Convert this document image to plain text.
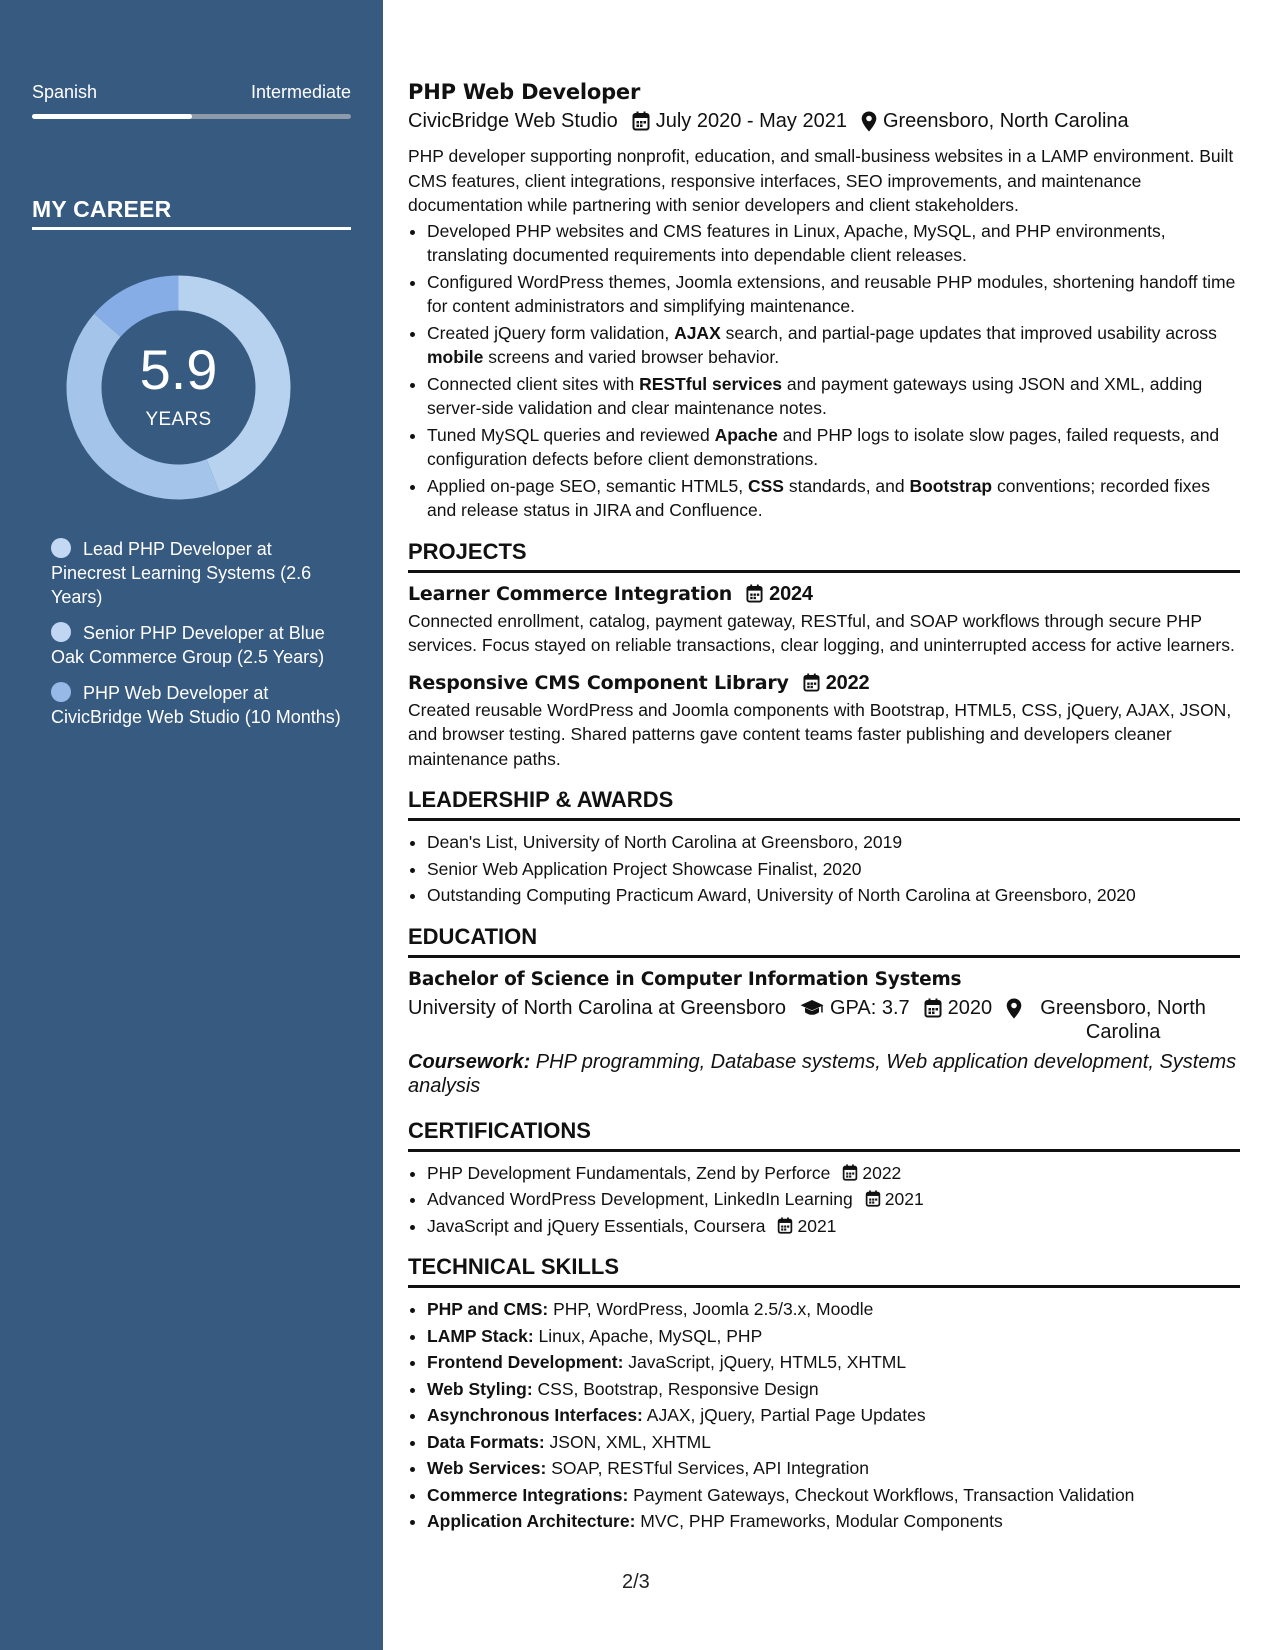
Spanish	Intermediate
MY CAREER
5.9
YEARS
Lead PHP Developer at Pinecrest Learning Systems (2.6 Years)
Senior PHP Developer at Blue Oak Commerce Group (2.5 Years)
PHP Web Developer at CivicBridge Web Studio (10 Months)
PHP Web Developer
CivicBridge Web Studio July 2020 - May 2021 Greensboro, North Carolina
PHP developer supporting nonprofit, education, and small-business websites in a LAMP environment. Built CMS features, client integrations, responsive interfaces, SEO improvements, and maintenance documentation while partnering with senior developers and client stakeholders.
• Developed PHP websites and CMS features in Linux, Apache, MySQL, and PHP environments, translating documented requirements into dependable client releases.
• Configured WordPress themes, Joomla extensions, and reusable PHP modules, shortening handoff time for content administrators and simplifying maintenance.
• Created jQuery form validation, AJAX search, and partial-page updates that improved usability across mobile screens and varied browser behavior.
• Connected client sites with RESTful services and payment gateways using JSON and XML, adding server-side validation and clear maintenance notes.
• Tuned MySQL queries and reviewed Apache and PHP logs to isolate slow pages, failed requests, and configuration defects before client demonstrations.
• Applied on-page SEO, semantic HTML5, CSS standards, and Bootstrap conventions; recorded fixes and release status in JIRA and Confluence.
PROJECTS
Learner Commerce Integration 2024
Connected enrollment, catalog, payment gateway, RESTful, and SOAP workflows through secure PHP services. Focus stayed on reliable transactions, clear logging, and uninterrupted access for active learners.
Responsive CMS Component Library 2022
Created reusable WordPress and Joomla components with Bootstrap, HTML5, CSS, jQuery, AJAX, JSON, and browser testing. Shared patterns gave content teams faster publishing and developers cleaner maintenance paths.
LEADERSHIP & AWARDS
• Dean's List, University of North Carolina at Greensboro, 2019
• Senior Web Application Project Showcase Finalist, 2020
• Outstanding Computing Practicum Award, University of North Carolina at Greensboro, 2020
EDUCATION
Bachelor of Science in Computer Information Systems
University of North Carolina at Greensboro GPA: 3.7 2020	Greensboro, North Carolina
Coursework: PHP programming, Database systems, Web application development, Systems analysis
CERTIFICATIONS
• PHP Development Fundamentals, Zend by Perforce 2022
• Advanced WordPress Development, LinkedIn Learning 2021
• JavaScript and jQuery Essentials, Coursera 2021
TECHNICAL SKILLS
• PHP and CMS: PHP, WordPress, Joomla 2.5/3.x, Moodle
• LAMP Stack: Linux, Apache, MySQL, PHP
• Frontend Development: JavaScript, jQuery, HTML5, XHTML
• Web Styling: CSS, Bootstrap, Responsive Design
• Asynchronous Interfaces: AJAX, jQuery, Partial Page Updates
• Data Formats: JSON, XML, XHTML
• Web Services: SOAP, RESTful Services, API Integration
• Commerce Integrations: Payment Gateways, Checkout Workflows, Transaction Validation
• Application Architecture: MVC, PHP Frameworks, Modular Components
2/3
